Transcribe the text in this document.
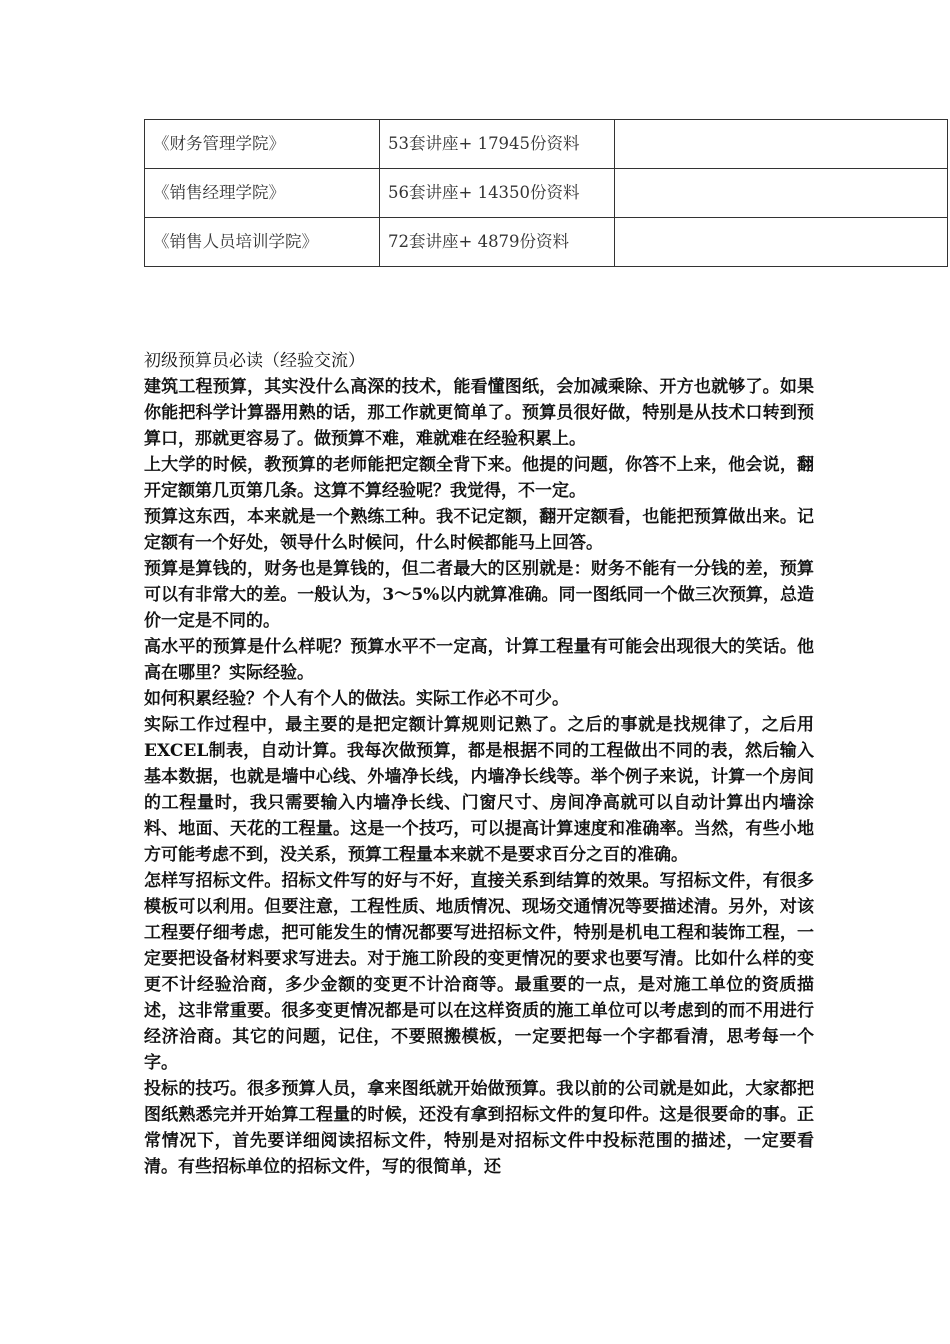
《财务管理学院》	53套讲座+ 17945份资料	
《销售经理学院》	56套讲座+ 14350份资料	
《销售人员培训学院》	72套讲座+ 4879份资料	

初级预算员必读（经验交流）

建筑工程预算，其实没什么高深的技术，能看懂图纸，会加减乘除、开方也就够了。如果你能把科学计算器用熟的话，那工作就更简单了。预算员很好做，特别是从技术口转到预算口，那就更容易了。做预算不难，难就难在经验积累上。

上大学的时候，教预算的老师能把定额全背下来。他提的问题，你答不上来，他会说，翻开定额第几页第几条。这算不算经验呢？我觉得，不一定。

预算这东西，本来就是一个熟练工种。我不记定额，翻开定额看，也能把预算做出来。记定额有一个好处，领导什么时候问，什么时候都能马上回答。

预算是算钱的，财务也是算钱的，但二者最大的区别就是：财务不能有一分钱的差，预算可以有非常大的差。一般认为，3～5%以内就算准确。同一图纸同一个做三次预算，总造价一定是不同的。

高水平的预算是什么样呢？预算水平不一定高，计算工程量有可能会出现很大的笑话。他高在哪里？实际经验。

如何积累经验？个人有个人的做法。实际工作必不可少。

实际工作过程中，最主要的是把定额计算规则记熟了。之后的事就是找规律了，之后用EXCEL制表，自动计算。我每次做预算，都是根据不同的工程做出不同的表，然后输入基本数据，也就是墙中心线、外墙净长线，内墙净长线等。举个例子来说，计算一个房间的工程量时，我只需要输入内墙净长线、门窗尺寸、房间净高就可以自动计算出内墙涂料、地面、天花的工程量。这是一个技巧，可以提高计算速度和准确率。当然，有些小地方可能考虑不到，没关系，预算工程量本来就不是要求百分之百的准确。

怎样写招标文件。招标文件写的好与不好，直接关系到结算的效果。写招标文件，有很多模板可以利用。但要注意，工程性质、地质情况、现场交通情况等要描述清。另外，对该工程要仔细考虑，把可能发生的情况都要写进招标文件，特别是机电工程和装饰工程，一定要把设备材料要求写进去。对于施工阶段的变更情况的要求也要写清。比如什么样的变更不计经验洽商，多少金额的变更不计洽商等。最重要的一点，是对施工单位的资质描述，这非常重要。很多变更情况都是可以在这样资质的施工单位可以考虑到的而不用进行经济洽商。其它的问题，记住，不要照搬模板，一定要把每一个字都看清，思考每一个字。

投标的技巧。很多预算人员，拿来图纸就开始做预算。我以前的公司就是如此，大家都把图纸熟悉完并开始算工程量的时候，还没有拿到招标文件的复印件。这是很要命的事。正常情况下，首先要详细阅读招标文件，特别是对招标文件中投标范围的描述，一定要看清。有些招标单位的招标文件，写的很简单，还
